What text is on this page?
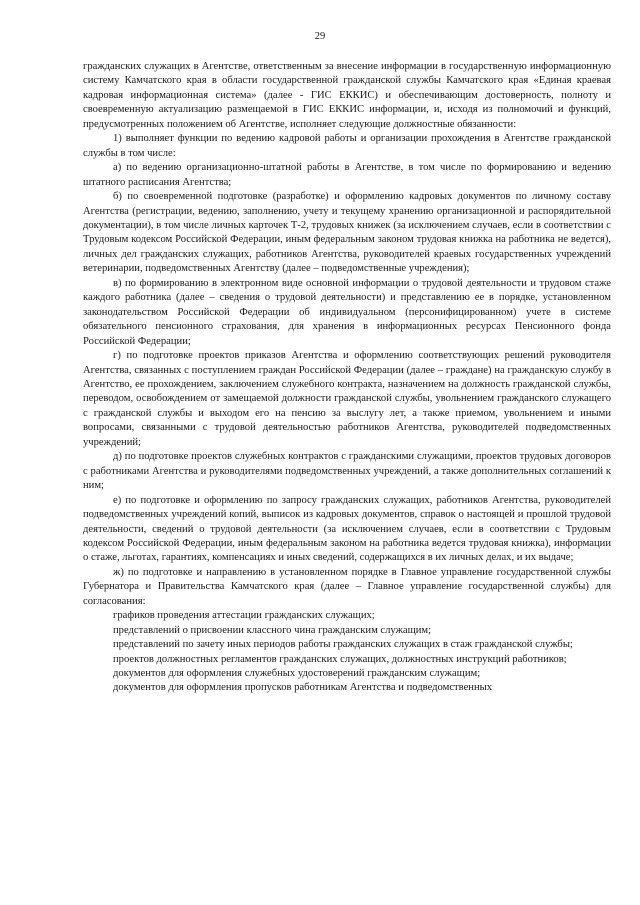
29

гражданских служащих в Агентстве, ответственным за внесение информации в государственную информационную систему Камчатского края в области государственной гражданской службы Камчатского края «Единая краевая кадровая информационная система» (далее - ГИС ЕККИС) и обеспечивающим достоверность, полноту и своевременную актуализацию размещаемой в ГИС ЕККИС информации, и, исходя из полномочий и функций, предусмотренных положением об Агентстве, исполняет следующие должностные обязанности:

1) выполняет функции по ведению кадровой работы и организации прохождения в Агентстве гражданской службы в том числе:

а) по ведению организационно-штатной работы в Агентстве, в том числе по формированию и ведению штатного расписания Агентства;

б) по своевременной подготовке (разработке) и оформлению кадровых документов по личному составу Агентства (регистрации, ведению, заполнению, учету и текущему хранению организационной и распорядительной документации), в том числе личных карточек Т-2, трудовых книжек (за исключением случаев, если в соответствии с Трудовым кодексом Российской Федерации, иным федеральным законом трудовая книжка на работника не ведется), личных дел гражданских служащих, работников Агентства, руководителей краевых государственных учреждений ветеринарии, подведомственных Агентству (далее – подведомственные учреждения);

в) по формированию в электронном виде основной информации о трудовой деятельности и трудовом стаже каждого работника (далее – сведения о трудовой деятельности) и представлению ее в порядке, установленном законодательством Российской Федерации об индивидуальном (персонифицированном) учете в системе обязательного пенсионного страхования, для хранения в информационных ресурсах Пенсионного фонда Российской Федерации;

г) по подготовке проектов приказов Агентства и оформлению соответствующих решений руководителя Агентства, связанных с поступлением граждан Российской Федерации (далее – граждане) на гражданскую службу в Агентство, ее прохождением, заключением служебного контракта, назначением на должность гражданской службы, переводом, освобождением от замещаемой должности гражданской службы, увольнением гражданского служащего с гражданской службы и выходом его на пенсию за выслугу лет, а также приемом, увольнением и иными вопросами, связанными с трудовой деятельностью работников Агентства, руководителей подведомственных учреждений;

д) по подготовке проектов служебных контрактов с гражданскими служащими, проектов трудовых договоров с работниками Агентства и руководителями подведомственных учреждений, а также дополнительных соглашений к ним;

е) по подготовке и оформлению по запросу гражданских служащих, работников Агентства, руководителей подведомственных учреждений копий, выписок из кадровых документов, справок о настоящей и прошлой трудовой деятельности, сведений о трудовой деятельности (за исключением случаев, если в соответствии с Трудовым кодексом Российской Федерации, иным федеральным законом на работника ведется трудовая книжка), информации о стаже, льготах, гарантиях, компенсациях и иных сведений, содержащихся в их личных делах, и их выдаче;

ж) по подготовке и направлению в установленном порядке в Главное управление государственной службы Губернатора и Правительства Камчатского края (далее – Главное управление государственной службы) для согласования:

графиков проведения аттестации гражданских служащих;

представлений о присвоении классного чина гражданским служащим;

представлений по зачету иных периодов работы гражданских служащих в стаж гражданской службы;

проектов должностных регламентов гражданских служащих, должностных инструкций работников;

документов для оформления служебных удостоверений гражданским служащим;

документов для оформления пропусков работникам Агентства и подведомственных
